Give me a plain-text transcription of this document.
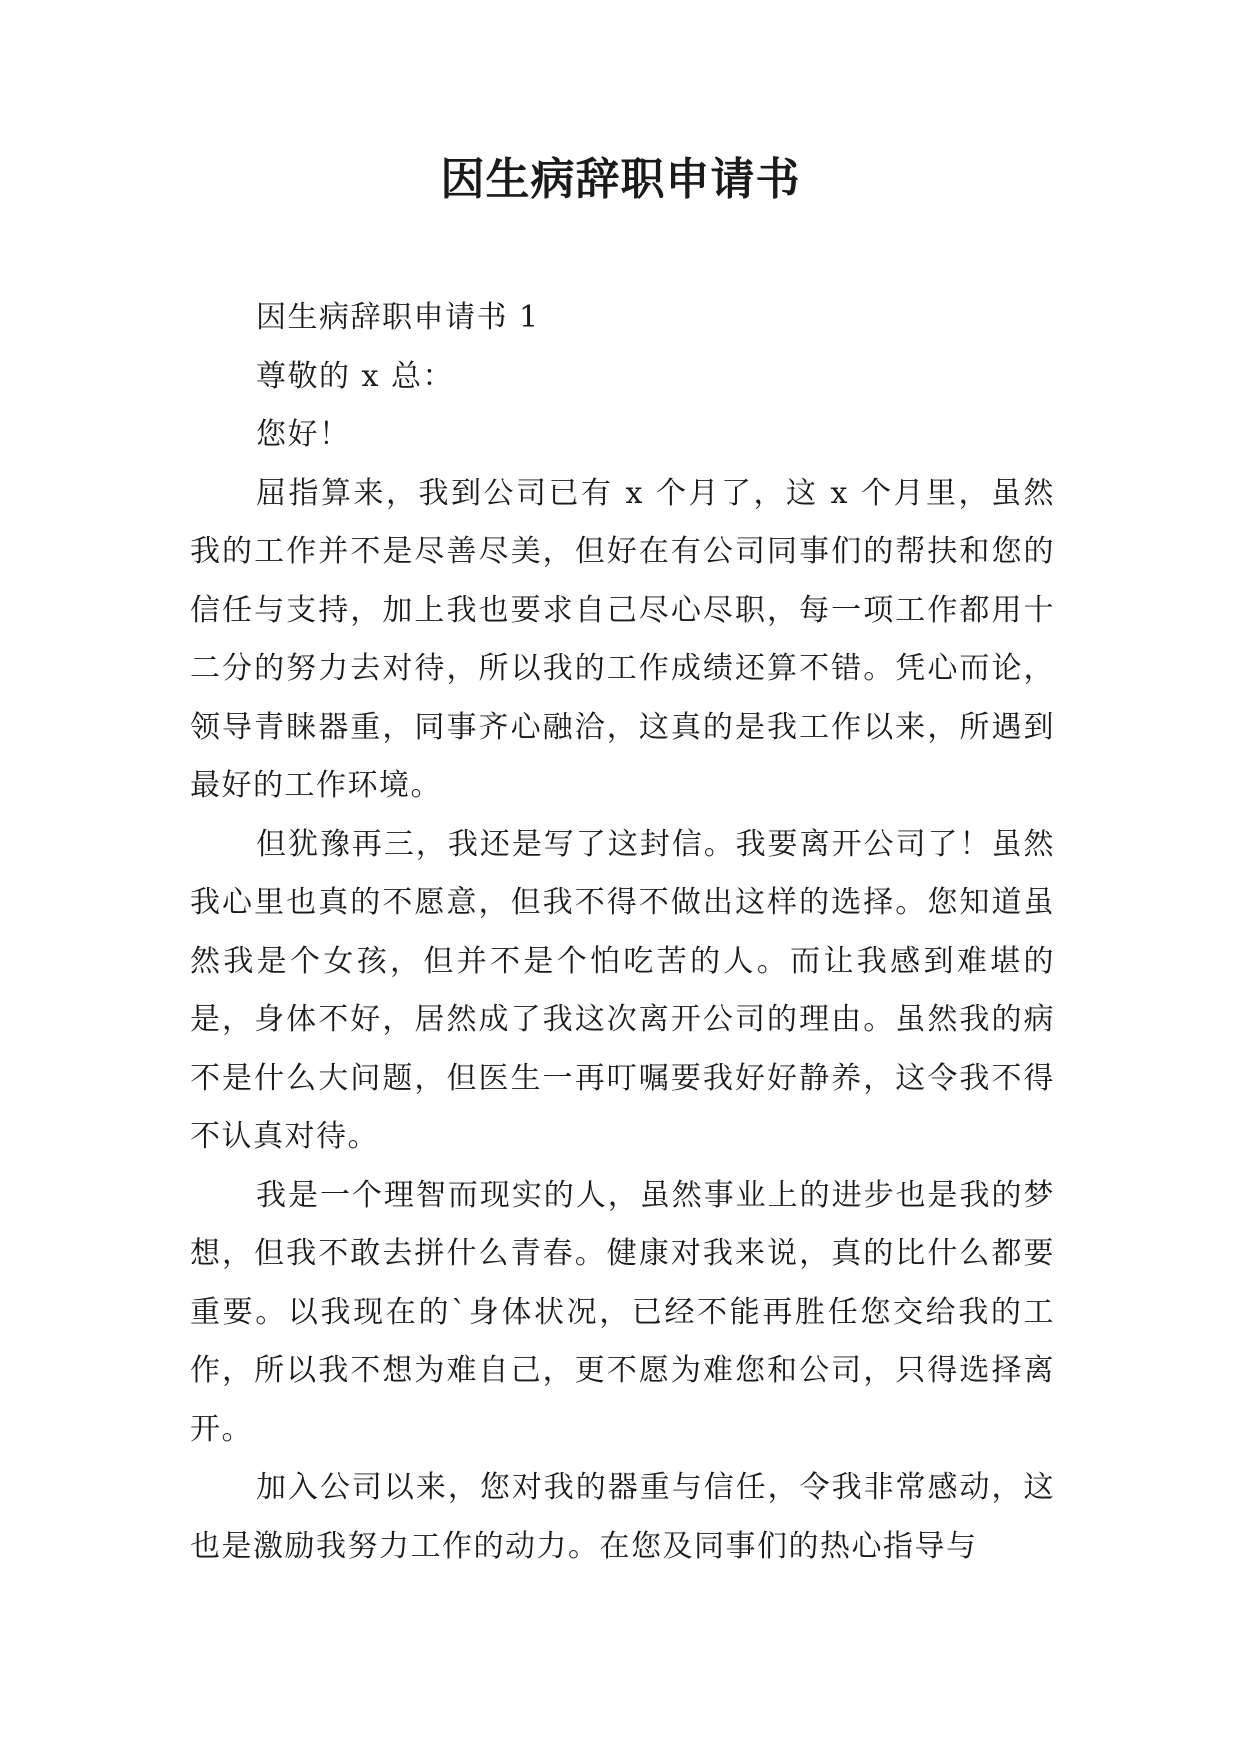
因生病辞职申请书

因生病辞职申请书 1

尊敬的 x 总：

您好！

屈指算来，我到公司已有 x 个月了，这 x 个月里，虽然我的工作并不是尽善尽美，但好在有公司同事们的帮扶和您的信任与支持，加上我也要求自己尽心尽职，每一项工作都用十二分的努力去对待，所以我的工作成绩还算不错。凭心而论，领导青睐器重，同事齐心融洽，这真的是我工作以来，所遇到最好的工作环境。

但犹豫再三，我还是写了这封信。我要离开公司了！虽然我心里也真的不愿意，但我不得不做出这样的选择。您知道虽然我是个女孩，但并不是个怕吃苦的人。而让我感到难堪的是，身体不好，居然成了我这次离开公司的理由。虽然我的病不是什么大问题，但医生一再叮嘱要我好好静养，这令我不得不认真对待。

我是一个理智而现实的人，虽然事业上的进步也是我的梦想，但我不敢去拼什么青春。健康对我来说，真的比什么都要重要。以我现在的`身体状况，已经不能再胜任您交给我的工作，所以我不想为难自己，更不愿为难您和公司，只得选择离开。

加入公司以来，您对我的器重与信任，令我非常感动，这也是激励我努力工作的动力。在您及同事们的热心指导与
